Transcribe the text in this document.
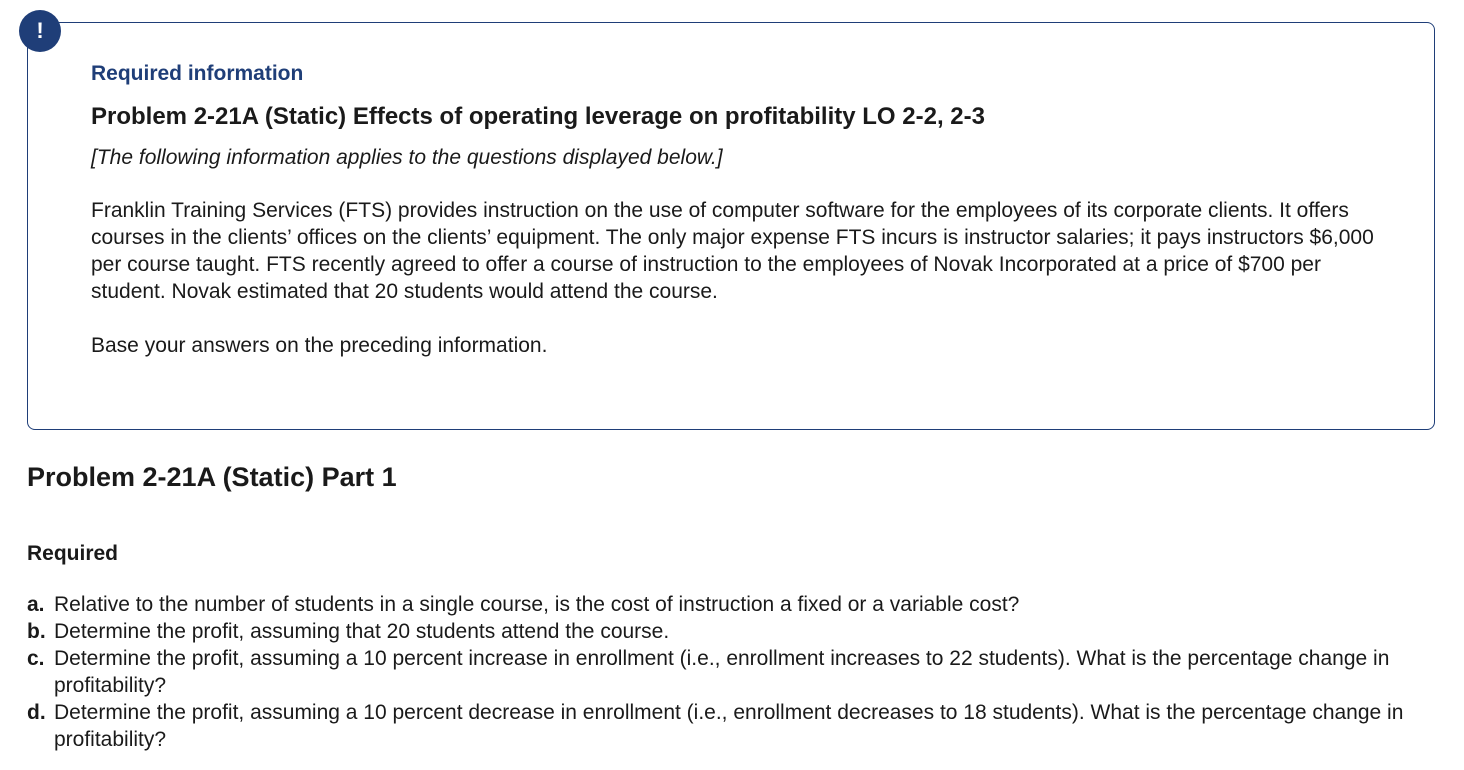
!

Required information

Problem 2-21A (Static) Effects of operating leverage on profitability LO 2-2, 2-3

[The following information applies to the questions displayed below.]

Franklin Training Services (FTS) provides instruction on the use of computer software for the employees of its corporate clients. It offers courses in the clients’ offices on the clients’ equipment. The only major expense FTS incurs is instructor salaries; it pays instructors $6,000 per course taught. FTS recently agreed to offer a course of instruction to the employees of Novak Incorporated at a price of $700 per student. Novak estimated that 20 students would attend the course.

Base your answers on the preceding information.

Problem 2-21A (Static) Part 1
Required
a. Relative to the number of students in a single course, is the cost of instruction a fixed or a variable cost?
b. Determine the profit, assuming that 20 students attend the course.
c. Determine the profit, assuming a 10 percent increase in enrollment (i.e., enrollment increases to 22 students). What is the percentage change in profitability?
d. Determine the profit, assuming a 10 percent decrease in enrollment (i.e., enrollment decreases to 18 students). What is the percentage change in profitability?
